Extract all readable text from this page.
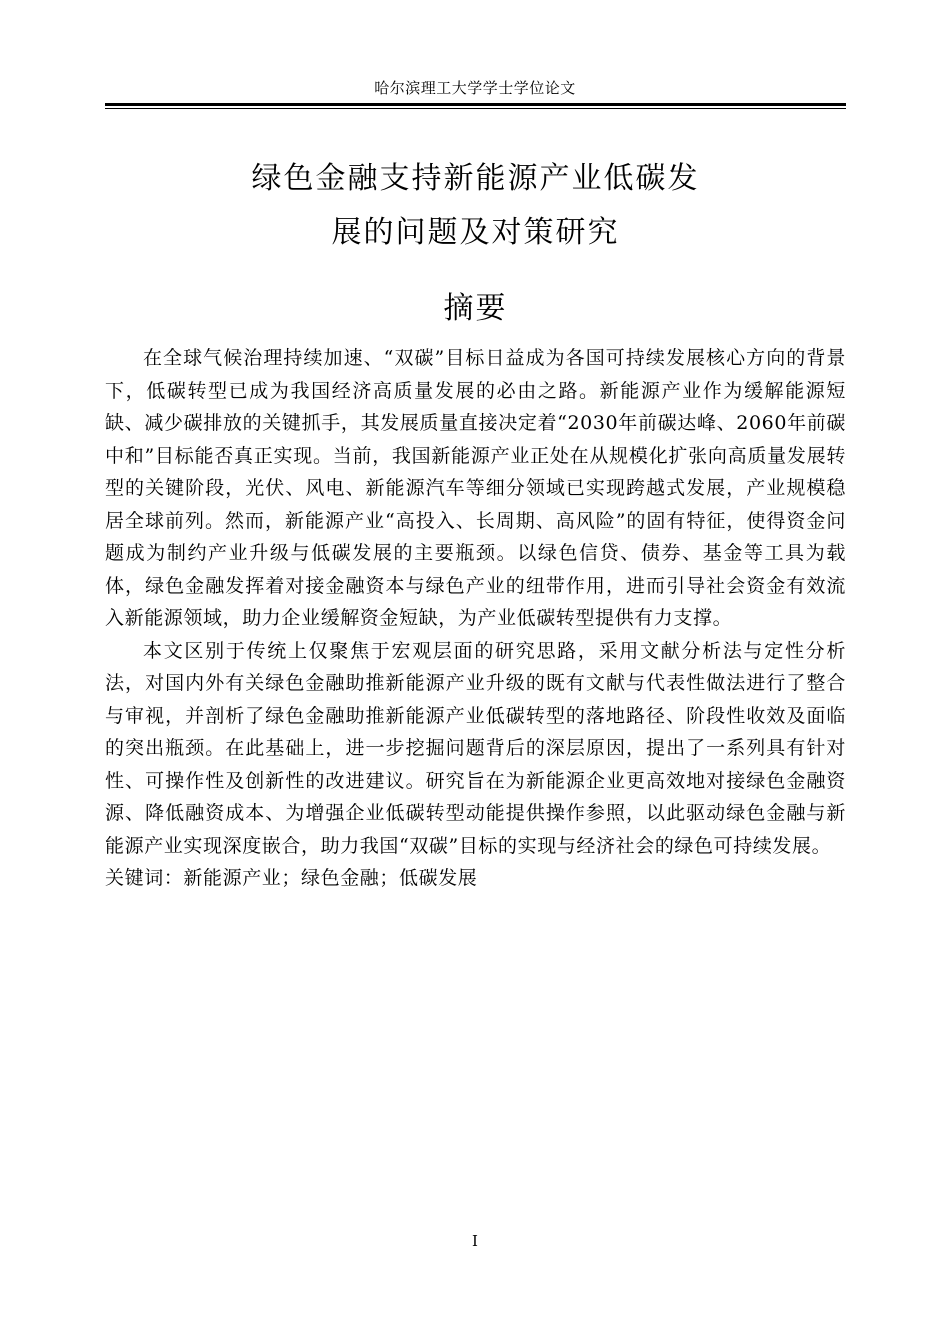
哈尔滨理工大学学士学位论文
绿色金融支持新能源产业低碳发
展的问题及对策研究
摘要

在全球气候治理持续加速、“双碳”目标日益成为各国可持续发展核心方向的背景下，低碳转型已成为我国经济高质量发展的必由之路。新能源产业作为缓解能源短缺、减少碳排放的关键抓手，其发展质量直接决定着“2030年前碳达峰、2060年前碳中和”目标能否真正实现。当前，我国新能源产业正处在从规模化扩张向高质量发展转型的关键阶段，光伏、风电、新能源汽车等细分领域已实现跨越式发展，产业规模稳居全球前列。然而，新能源产业“高投入、长周期、高风险”的固有特征，使得资金问题成为制约产业升级与低碳发展的主要瓶颈。以绿色信贷、债券、基金等工具为载体，绿色金融发挥着对接金融资本与绿色产业的纽带作用，进而引导社会资金有效流入新能源领域，助力企业缓解资金短缺，为产业低碳转型提供有力支撑。

本文区别于传统上仅聚焦于宏观层面的研究思路，采用文献分析法与定性分析法，对国内外有关绿色金融助推新能源产业升级的既有文献与代表性做法进行了整合与审视，并剖析了绿色金融助推新能源产业低碳转型的落地路径、阶段性收效及面临的突出瓶颈。在此基础上，进一步挖掘问题背后的深层原因，提出了一系列具有针对性、可操作性及创新性的改进建议。研究旨在为新能源企业更高效地对接绿色金融资源、降低融资成本、为增强企业低碳转型动能提供操作参照，以此驱动绿色金融与新能源产业实现深度嵌合，助力我国“双碳”目标的实现与经济社会的绿色可持续发展。

关键词：新能源产业；绿色金融；低碳发展
I
